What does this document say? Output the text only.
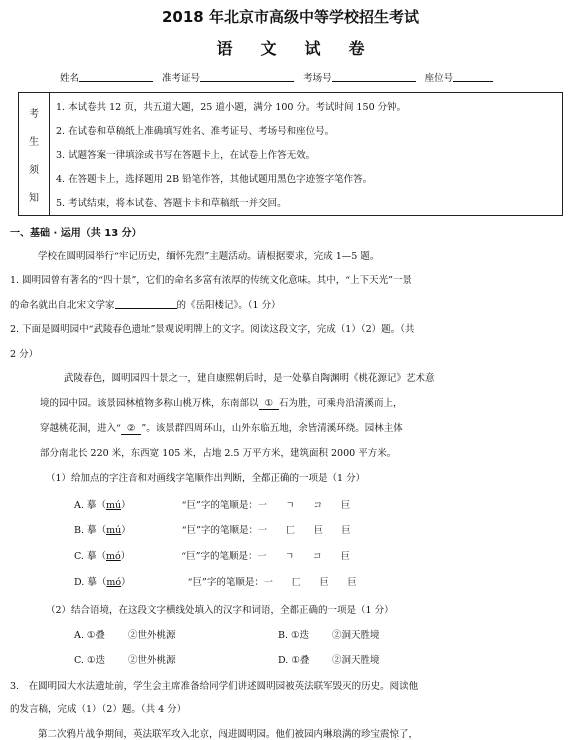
2018 年北京市高级中等学校招生考试
语文试卷
姓名	准考证号	考场号	座位号
考
生
须
知
1. 本试卷共 12 页，共五道大题，25 道小题，满分 100 分。考试时间 150 分钟。
2. 在试卷和草稿纸上准确填写姓名、准考证号、考场号和座位号。
3. 试题答案一律填涂或书写在答题卡上，在试卷上作答无效。
4. 在答题卡上，选择题用 2B 铅笔作答，其他试题用黑色字迹签字笔作答。
5. 考试结束，将本试卷、答题卡卡和草稿纸一并交回。
一、基础 · 运用（共 13 分）
学校在圆明园举行“牢记历史，缅怀先烈”主题活动。请根据要求，完成 1—5 题。
1. 圆明园曾有著名的“四十景”，它们的命名多富有浓厚的传统文化意味。其中，“上下天光”一景
的命名就出自北宋文学家	的《岳阳楼记》。（1 分）
2. 下面是圆明园中“武陵春色遗址”景观说明牌上的文字。阅读这段文字，完成（1）（2）题。（共
2 分）
武陵春色，圆明园四十景之一，建自康熙朝后时，是一处摹自陶渊明《桃花源记》艺术意
境的园中园。该景园林植物多称山桃万株，东南部以 ① 石为胜，可乘舟沿清溪而上，
穿越桃花洞，进入“ ② ”。该景群四周环山，山外东临五地，余皆清溪环绕。园林主体
部分南北长 220 米，东西宽 105 米，占地 2.5 万平方米，建筑面积 2000 平方米。
（1）给加点的字注音和对画线字笔顺作出判断，全都正确的一项是（1 分）
A. 摹（mú）	“巨”字的笔顺是：一 ㄱ コ 巨
B. 摹（mú）	“巨”字的笔顺是：一 匚 巨 巨
C. 摹（mó）	“巨”字的笔顺是：一 ㄱ コ 巨
D. 摹（mó）	“巨”字的笔顺是：一 匚 巨 巨
（2）结合语境，在这段文字横线处填入的汉字和词语，全都正确的一项是（1 分）
A. ①叠 ②世外桃源	B. ①迭 ②洞天胜境
C. ①迭 ②世外桃源	D. ①叠 ②洞天胜境
3.　在圆明园大水法遗址前，学生会主席准备给同学们讲述圆明园被英法联军毁灭的历史。阅读他
的发言稿，完成（1）（2）题。（共 4 分）
第二次鸦片战争期间，英法联军攻入北京，闯进圆明园。他们被园内琳琅满的珍宝震惊了，
